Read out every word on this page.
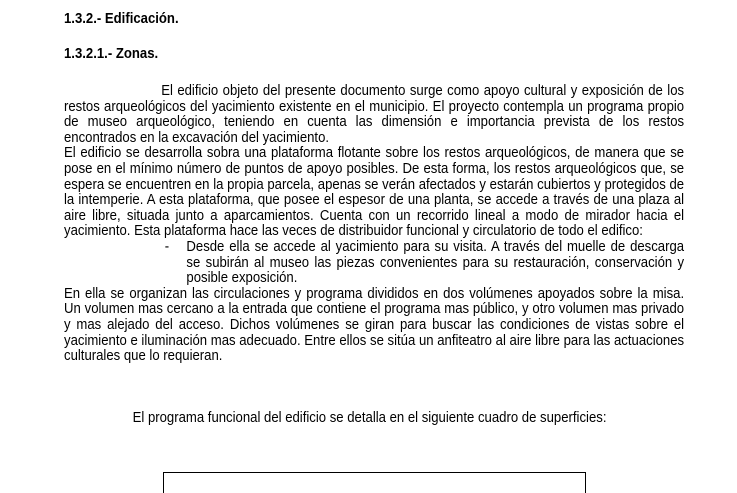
1.3.2.- Edificación.
1.3.2.1.- Zonas.

El edificio objeto del presente documento surge como apoyo cultural y exposición de los restos arqueológicos del yacimiento existente en el municipio. El proyecto contempla un programa propio de museo arqueológico, teniendo en cuenta las dimensión e importancia prevista de los restos encontrados en la excavación del yacimiento.

El edificio se desarrolla sobra una plataforma flotante sobre los restos arqueológicos, de manera que se pose en el mínimo número de puntos de apoyo posibles. De esta forma, los restos arqueológicos que, se espera se encuentren en la propia parcela, apenas se verán afectados y estarán cubiertos y protegidos de la intemperie. A esta plataforma, que posee el espesor de una planta, se accede a través de una plaza al aire libre, situada junto a aparcamientos. Cuenta con un recorrido lineal a modo de mirador hacia el yacimiento. Esta plataforma hace las veces de distribuidor funcional y circulatorio de todo el edifico:

-	Desde ella se accede al yacimiento para su visita. A través del muelle de descarga se subirán al museo las piezas convenientes para su restauración, conservación y posible exposición.

En ella se organizan las circulaciones y programa divididos en dos volúmenes apoyados sobre la misa. Un volumen mas cercano a la entrada que contiene el programa mas público, y otro volumen mas privado y mas alejado del acceso. Dichos volúmenes se giran para buscar las condiciones de vistas sobre el yacimiento e iluminación mas adecuado. Entre ellos se sitúa un anfiteatro al aire libre para las actuaciones culturales que lo requieran.

El programa funcional del edificio se detalla en el siguiente cuadro de superficies:
